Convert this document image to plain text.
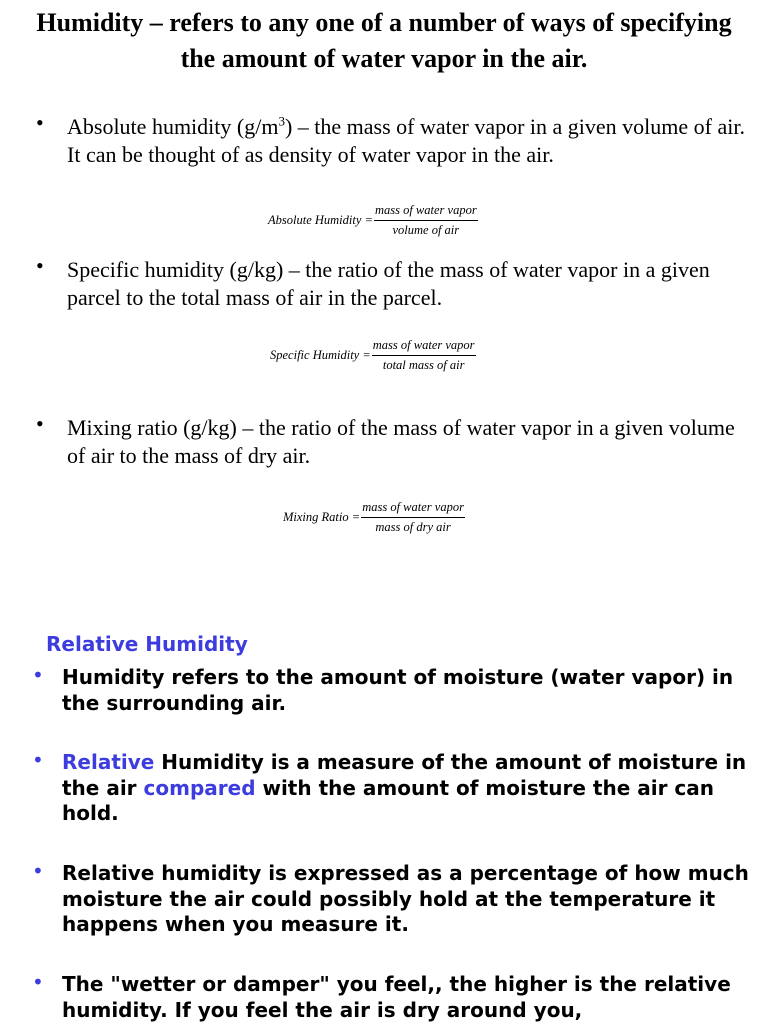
Humidity – refers to any one of a number of ways of specifying the amount of water vapor in the air.
• Absolute humidity $(g/m^3)$ – the mass of water vapor in a given volume of air. It can be thought of as density of water vapor in the air.
Absolute Humidity = $\frac{\text{mass of water vapor}}{\text{volume of air}}$
• Specific humidity (g/kg) – the ratio of the mass of water vapor in a given parcel to the total mass of air in the parcel.
Specific Humidity = $\frac{\text{mass of water vapor}}{\text{total mass of air}}$
• Mixing ratio (g/kg) – the ratio of the mass of water vapor in a given volume of air to the mass of dry air.
Mixing Ratio = $\frac{\text{mass of water vapor}}{\text{mass of dry air}}$
Relative Humidity
• Humidity refers to the amount of moisture (water vapor) in the surrounding air.
• Relative Humidity is a measure of the amount of moisture in the air compared with the amount of moisture the air can hold.
• Relative humidity is expressed as a percentage of how much moisture the air could possibly hold at the temperature it happens when you measure it.
• The "wetter or damper" you feel,, the higher is the relative humidity. If you feel the air is dry around you,
